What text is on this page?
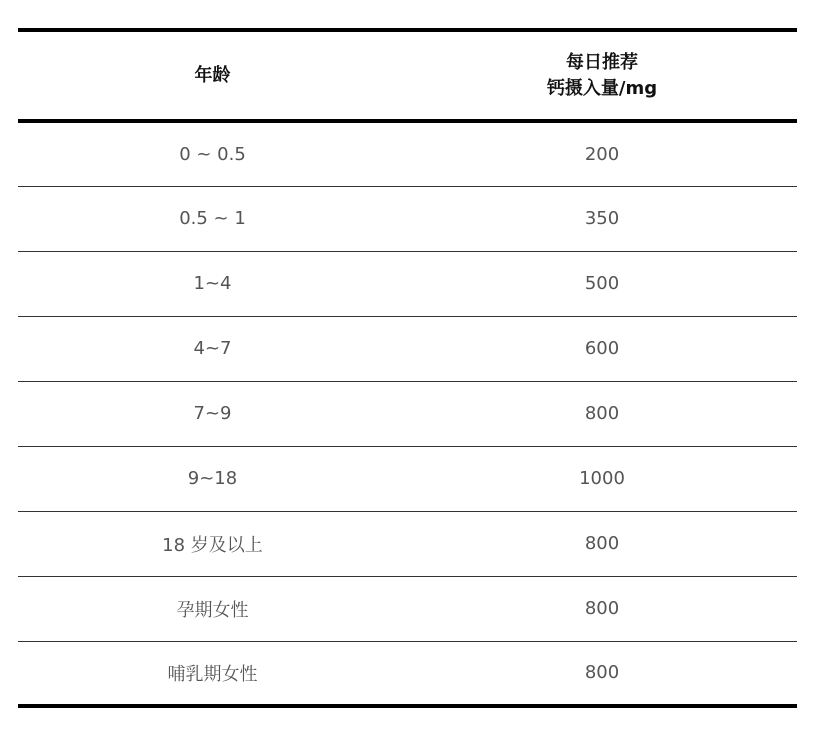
年龄	每日推荐
钙摄入量/mg

0 ~ 0.5	200
0.5 ~ 1	350
1~4	500
4~7	600
7~9	800
9~18	1000
18 岁及以上	800
孕期女性	800
哺乳期女性	800
